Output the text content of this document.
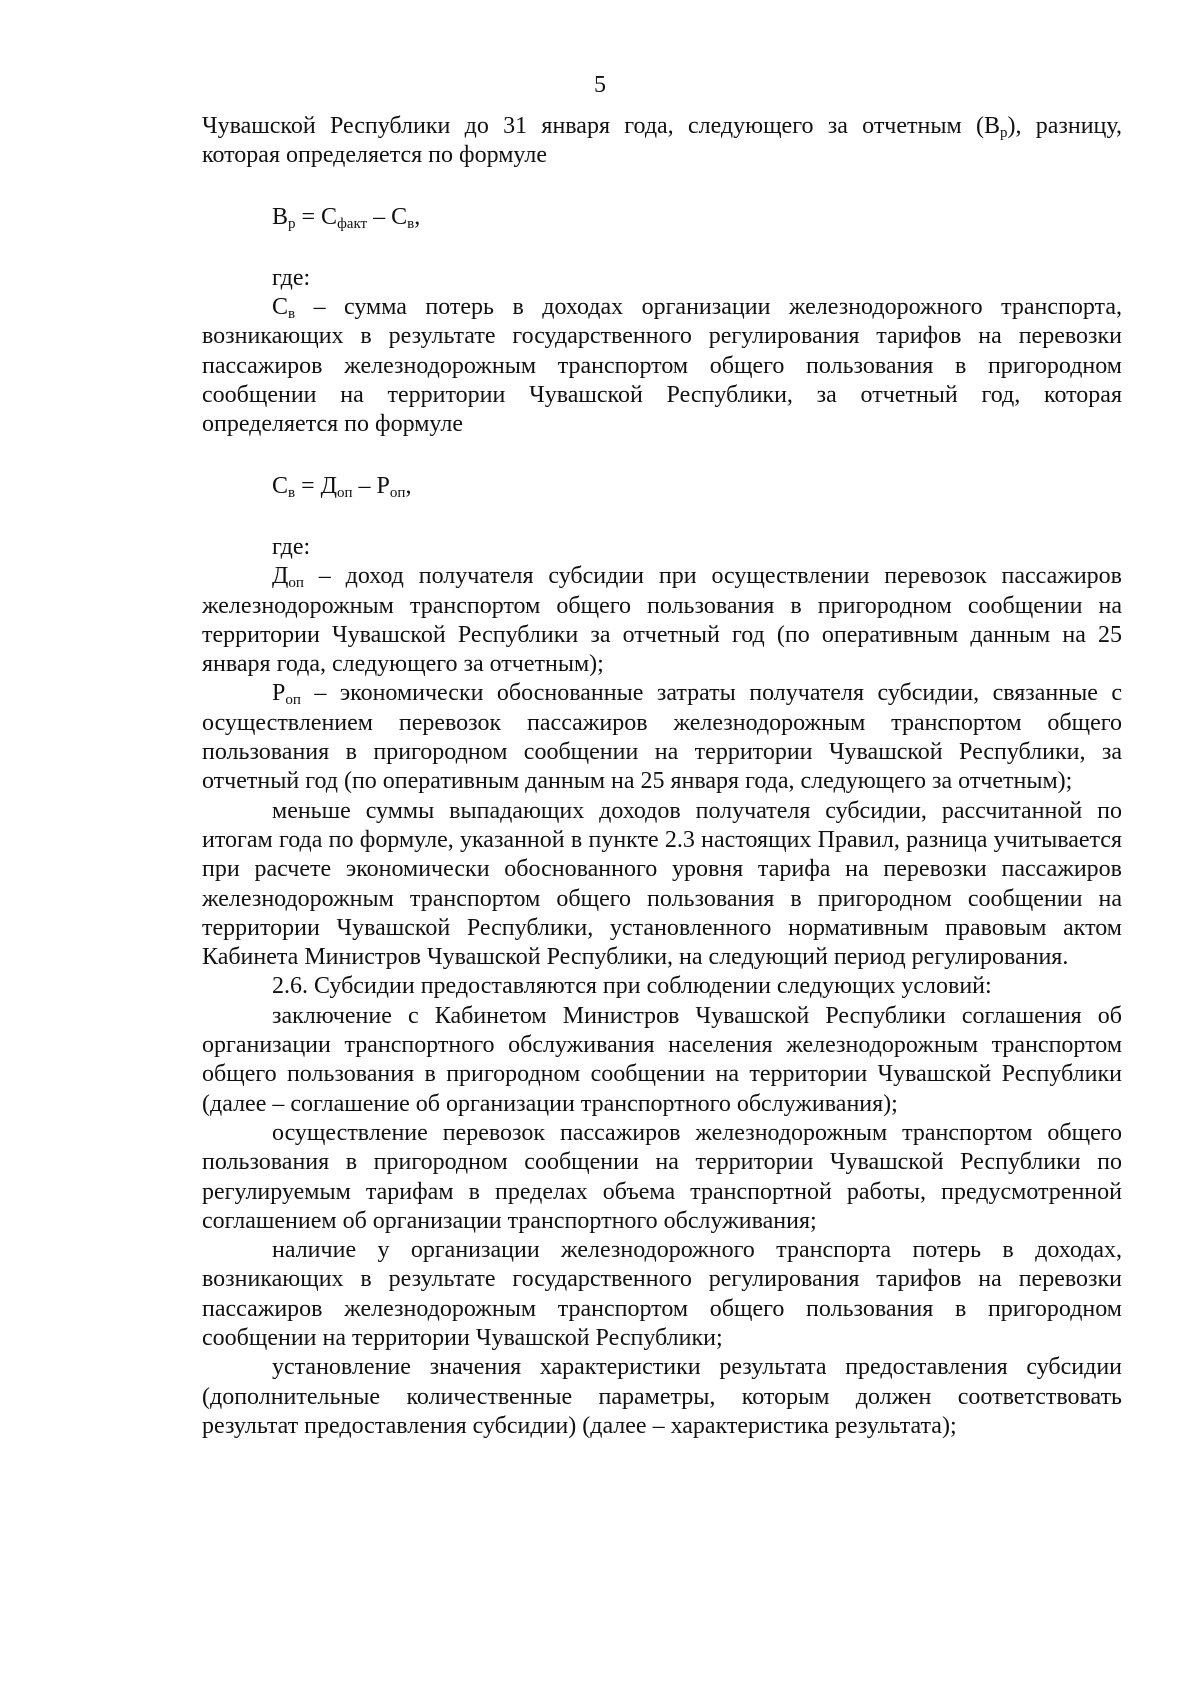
5

Чувашской Республики до 31 января года, следующего за отчетным $(В_р)$, разницу, которая определяется по формуле

$В_р = С_{факт} - С_в$,

где:

$С_в$ – сумма потерь в доходах организации железнодорожного транспорта, возникающих в результате государственного регулирования тарифов на перевозки пассажиров железнодорожным транспортом общего пользования в пригородном сообщении на территории Чувашской Республики, за отчетный год, которая определяется по формуле

$С_в = Д_{оп} - Р_{оп}$,

где:

$Д_{оп}$ – доход получателя субсидии при осуществлении перевозок пассажиров железнодорожным транспортом общего пользования в пригородном сообщении на территории Чувашской Республики за отчетный год (по оперативным данным на 25 января года, следующего за отчетным);

$Р_{оп}$ – экономически обоснованные затраты получателя субсидии, связанные с осуществлением перевозок пассажиров железнодорожным транспортом общего пользования в пригородном сообщении на территории Чувашской Республики, за отчетный год (по оперативным данным на 25 января года, следующего за отчетным);

меньше суммы выпадающих доходов получателя субсидии, рассчитанной по итогам года по формуле, указанной в пункте 2.3 настоящих Правил, разница учитывается при расчете экономически обоснованного уровня тарифа на перевозки пассажиров железнодорожным транспортом общего пользования в пригородном сообщении на территории Чувашской Республики, установленного нормативным правовым актом Кабинета Министров Чувашской Республики, на следующий период регулирования.

2.6. Субсидии предоставляются при соблюдении следующих условий:

заключение с Кабинетом Министров Чувашской Республики соглашения об организации транспортного обслуживания населения железнодорожным транспортом общего пользования в пригородном сообщении на территории Чувашской Республики (далее – соглашение об организации транспортного обслуживания);

осуществление перевозок пассажиров железнодорожным транспортом общего пользования в пригородном сообщении на территории Чувашской Республики по регулируемым тарифам в пределах объема транспортной работы, предусмотренной соглашением об организации транспортного обслуживания;

наличие у организации железнодорожного транспорта потерь в доходах, возникающих в результате государственного регулирования тарифов на перевозки пассажиров железнодорожным транспортом общего пользования в пригородном сообщении на территории Чувашской Республики;

установление значения характеристики результата предоставления субсидии (дополнительные количественные параметры, которым должен соответствовать результат предоставления субсидии) (далее – характеристика результата);
